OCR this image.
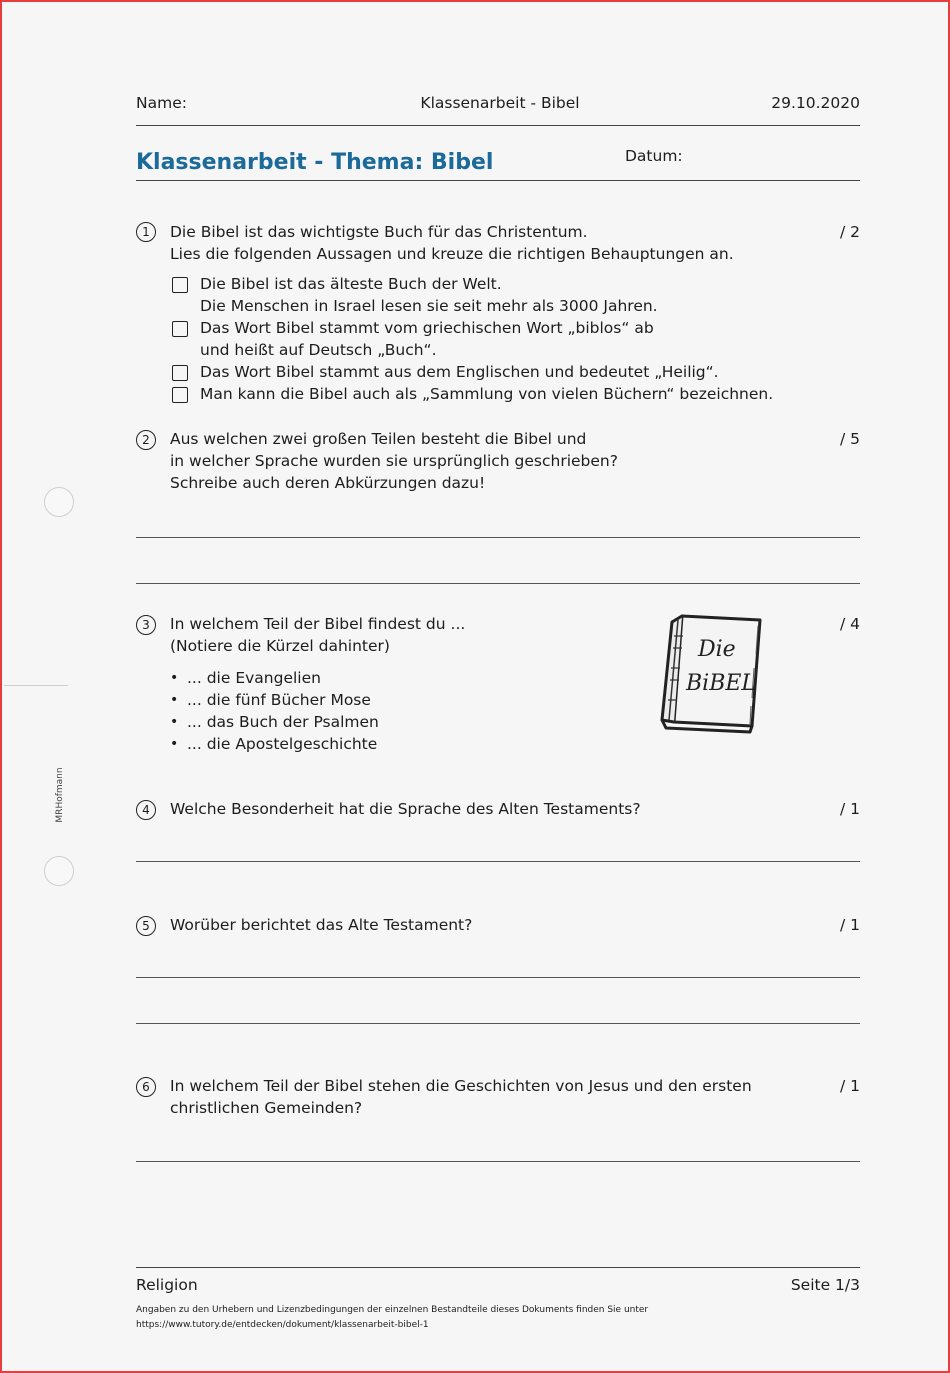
MRHofmann
Name:	Klassenarbeit - Bibel	29.10.2020
Klassenarbeit - Thema: Bibel	Datum:
1	/ 2
Die Bibel ist das wichtigste Buch für das Christentum.
Lies die folgenden Aussagen und kreuze die richtigen Behauptungen an.
Die Bibel ist das älteste Buch der Welt.
Die Menschen in Israel lesen sie seit mehr als 3000 Jahren.
Das Wort Bibel stammt vom griechischen Wort „biblos“ ab
und heißt auf Deutsch „Buch“.
Das Wort Bibel stammt aus dem Englischen und bedeutet „Heilig“.
Man kann die Bibel auch als „Sammlung von vielen Büchern“ bezeichnen.
2	/ 5
Aus welchen zwei großen Teilen besteht die Bibel und
in welcher Sprache wurden sie ursprünglich geschrieben?
Schreibe auch deren Abkürzungen dazu!
3	/ 4
In welchem Teil der Bibel findest du ...
(Notiere die Kürzel dahinter)
• ... die Evangelien
• ... die fünf Bücher Mose
• ... das Buch der Psalmen
• ... die Apostelgeschichte
Die
BiBEL
4	/ 1
Welche Besonderheit hat die Sprache des Alten Testaments?
5	/ 1
Worüber berichtet das Alte Testament?
6	/ 1
In welchem Teil der Bibel stehen die Geschichten von Jesus und den ersten
christlichen Gemeinden?
Religion	Seite 1/3
Angaben zu den Urhebern und Lizenzbedingungen der einzelnen Bestandteile dieses Dokuments finden Sie unter
https://www.tutory.de/entdecken/dokument/klassenarbeit-bibel-1
